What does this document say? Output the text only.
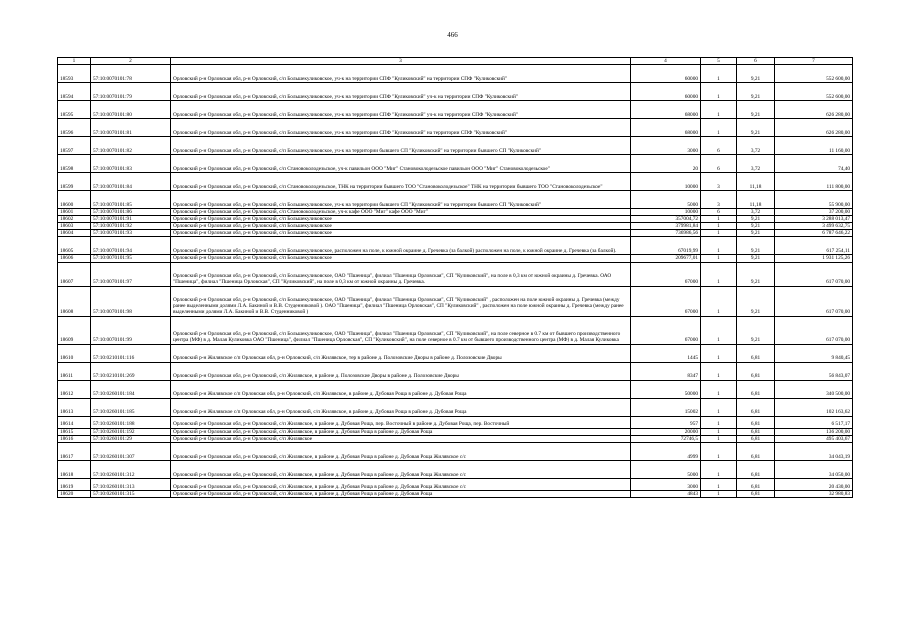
466
1	2	3	4	5	6	7
18593	57:10:0070101:78	Орловский р-н Орловская обл, р-н Орловский, с/п Большекуликовское, уч-к на территории СПФ "Куликовский" на территории СПФ "Куликовский"	60000	1	9,21	552 600,00
18594	57:10:0070101:79	Орловский р-н Орловская обл, р-н Орловский, с/п Большекуликовское, уч-к на территории СПФ "Куликовский" уч-к на территории СПФ "Куликовский"	60000	1	9,21	552 600,00
18595	57:10:0070101:80	Орловский р-н Орловская обл, р-н Орловский, с/п Большекуликовское, уч-к на территории СПФ "Куликовский" уч-к на территории СПФ "Куликовский"	68000	1	9,21	626 280,00
18596	57:10:0070101:81	Орловский р-н Орловская обл, р-н Орловский, с/п Большекуликовское, уч-к на территории СПФ "Куликовский" на территории СПФ "Куликовский"	68000	1	9,21	626 280,00
18597	57:10:0070101:82	Орловский р-н Орловская обл, р-н Орловский, с/п Большекуликовское, уч-к на территории бывшего СП "Куликовский" на территории бывшего СП "Куликовский"	3000	6	3,72	11 160,00
18598	57:10:0070101:83	Орловский р-н Орловская обл, р-н Орловский, с/п Становоколодезьское, уч-к павильон ООО "Миг" Становоколодезьское павильон ООО "Миг" Становоколодезьское"	20	6	3,72	74,40
18599	57:10:0070101:84	Орловский р-н Орловская обл, р-н Орловский, с/п Становоколодезьское, ТНК на территории бывшего ТОО "Становоколодезьское" ТНК на территории бывшего ТОО "Становоколодезьское"	10000	3	11,18	111 800,00
18600	57:10:0070101:85	Орловский р-н Орловская обл, р-н Орловский, с/п Большекуликовское, уч-к на территории бывшего СП "Куликовский" на территории бывшего СП "Куликовский"	5000	3	11,18	55 900,00
18601	57:10:0070101:86	Орловский р-н Орловская обл, р-н Орловский, с/п Становоколодезьское, уч-к кафе ООО "Миг" кафе ООО "Миг"	10000	6	3,72	37 200,00
18602	57:10:0070101:91	Орловский р-н Орловская обл, р-н Орловский, с/п Большекуликовское	357004,72	1	9,21	3 288 013,47
18603	57:10:0070101:92	Орловский р-н Орловская обл, р-н Орловский, с/п Большекуликовское	379981,84	1	9,21	3 499 632,75
18604	57:10:0070101:93	Орловский р-н Орловская обл, р-н Орловский, с/п Большекуликовское	736986,56	1	9,21	6 787 646,22
18605	57:10:0070101:94	Орловский р-н Орловская обл, р-н Орловский, с/п Большекуликовское, расположен на поле, к южной окраине д. Гречевка (за балкой) расположен на поле, к южной окраине д. Гречевка (за балкой).	67019,99	1	9,21	617 254,11
18606	57:10:0070101:95	Орловский р-н Орловская обл, р-н Орловский, с/п Большекуликовское	209677,01	1	9,21	1 931 125,26
18607	57:10:0070101:97	Орловский р-н Орловская обл, р-н Орловский, с/п Большекуликовское, ОАО "Пшеница", филиал "Пшеница Орловская", СП "Куликовский", на поле в 0,3 км от южной окраины д. Гречевка. ОАО "Пшеница", филиал "Пшеница Орловская", СП "Куликовский", на поле в 0,3 км от южной окраины д. Гречевка.	67000	1	9,21	617 070,00
18608	57:10:0070101:98	Орловский р-н Орловская обл, р-н Орловский, с/п Большекуликовское, ОАО "Пшеница", филиал "Пшеница Орловская", СП "Куликовский" , расположен на поле южной окраины д. Гречевка (между ранее выделенными долями Л.А. Бакиной и В.В. Студенниковой ). ОАО "Пшеница", филиал "Пшеница Орловская", СП "Куликовский" , расположен на поле южной окраины д. Гречевка (между ранее выделенными долями Л.А. Бакиной и В.В. Студенниковой )	67000	1	9,21	617 070,00
18609	57:10:0070101:99	Орловский р-н Орловская обл, р-н Орловский, с/п Большекуликовское, ОАО "Пшеница", филиал "Пшеница Орловская", СП "Куликовский", на поле северное в 0.7 км от бывшего производственного центра (МФ) в д. Малая Куликовка ОАО "Пшеница", филиал "Пшеница Орловская", СП "Куликовский", на поле северное в 0.7 км от бывшего производственного центра (МФ) в д. Малая Куликовка	67000	1	9,21	617 070,00
18610	57:10:0210101:116	Орловский р-н Жилявское с/п Орловская обл, р-н Орловский, с/п Жилявское, тер в районе д. Полозовские Дворы в районе д. Полозовские Дворы	1445	1	6,81	9 840,45
18611	57:10:0210101:269	Орловский р-н Орловская обл, р-н Орловский, с/п Жилявское, в районе д. Полозовские Дворы в районе д. Полозовские Дворы	8347	1	6,81	56 843,07
18612	57:10:0260101:184	Орловский р-н Жилявское с/п Орловская обл, р-н Орловский, с/п Жилявское, в районе д. Дубовая Роща в районе д. Дубовая Роща	50000	1	6,81	340 500,00
18613	57:10:0260101:185	Орловский р-н Жилявское с/п Орловская обл, р-н Орловский, с/п Жилявское, в районе д. Дубовая Роща в районе д. Дубовая Роща	15002	1	6,81	102 163,62
18614	57:10:0260101:188	Орловский р-н Орловская обл, р-н Орловский, с/п Жилявское, в районе д. Дубовая Роща, пер. Восточный в районе д. Дубовая Роща, пер. Восточный	957	1	6,81	6 517,17
18615	57:10:0260101:192	Орловский р-н Орловская обл, р-н Орловский, с/п Жилявское, в районе д. Дубовая Роща в районе д. Дубовая Роща	20000	1	6,81	136 200,00
18616	57:10:0260101:29	Орловский р-н Орловская обл, р-н Орловский, с/п Жилявское	72746,5	1	6,81	495 403,67
18617	57:10:0260101:307	Орловский р-н Орловская обл, р-н Орловский, с/п Жилявское, в районе д. Дубовая Роща в районе д. Дубовая Роща Жилявское с/с	4999	1	6,81	34 043,19
18618	57:10:0260101:312	Орловский р-н Орловская обл, р-н Орловский, с/п Жилявское, в районе д. Дубовая Роща в районе д. Дубовая Роща Жилявское с/с	5000	1	6,81	34 050,00
18619	57:10:0260101:313	Орловский р-н Орловская обл, р-н Орловский, с/п Жилявское, в районе д. Дубовая Роща в районе д. Дубовая Роща Жилявское с/с	3000	1	6,81	20 430,00
18620	57:10:0260101:315	Орловский р-н Орловская обл, р-н Орловский, с/п Жилявское, в районе д. Дубовая Роща в районе д. Дубовая Роща	4843	1	6,81	32 980,83
